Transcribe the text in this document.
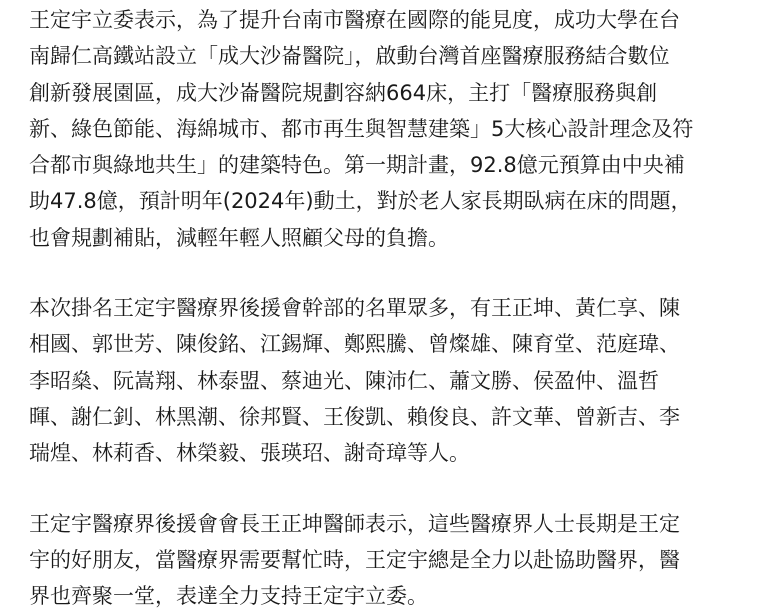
王定宇立委表示，為了提升台南市醫療在國際的能見度，成功大學在台
南歸仁高鐵站設立「成大沙崙醫院」，啟動台灣首座醫療服務結合數位
創新發展園區，成大沙崙醫院規劃容納664床，主打「醫療服務與創
新、綠色節能、海綿城市、都市再生與智慧建築」5大核心設計理念及符
合都市與綠地共生」的建築特色。第一期計畫，92.8億元預算由中央補
助47.8億，預計明年(2024年)動土，對於老人家長期臥病在床的問題，
也會規劃補貼，減輕年輕人照顧父母的負擔。

本次掛名王定宇醫療界後援會幹部的名單眾多，有王正坤、黃仁享、陳
相國、郭世芳、陳俊銘、江錫輝、鄭熙騰、曾燦雄、陳育堂、范庭瑋、
李昭燊、阮嵩翔、林泰盟、蔡迪光、陳沛仁、蕭文勝、侯盈仲、溫哲
暉、謝仁釗、林黑潮、徐邦賢、王俊凱、賴俊良、許文華、曾新吉、李
瑞煌、林莉香、林榮毅、張瑛玿、謝奇璋等人。

王定宇醫療界後援會會長王正坤醫師表示，這些醫療界人士長期是王定
宇的好朋友，當醫療界需要幫忙時，王定宇總是全力以赴協助醫界，醫
界也齊聚一堂，表達全力支持王定宇立委。
